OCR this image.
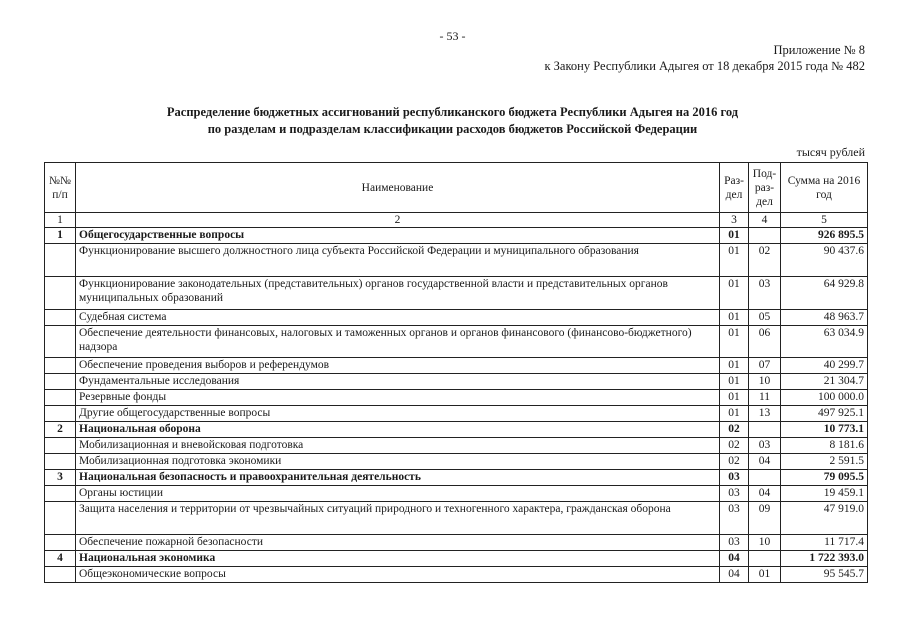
- 53 -
Приложение № 8
к Закону Республики Адыгея от 18 декабря 2015 года № 482
Распределение бюджетных ассигнований республиканского бюджета Республики Адыгея на 2016 год
по разделам и подразделам классификации расходов бюджетов Российской Федерации
тысяч рублей
№№ п/п	Наименование	Раз- дел	Под- раз- дел	Сумма на 2016 год
1	2	3	4	5
1	Общегосударственные вопросы	01		926 895.5
	Функционирование высшего должностного лица субъекта Российской Федерации и муниципального образования	01	02	90 437.6
	Функционирование законодательных (представительных) органов государственной власти и представительных органов муниципальных образований	01	03	64 929.8
	Судебная система	01	05	48 963.7
	Обеспечение деятельности финансовых, налоговых и таможенных органов и органов финансового (финансово-бюджетного) надзора	01	06	63 034.9
	Обеспечение проведения выборов и референдумов	01	07	40 299.7
	Фундаментальные исследования	01	10	21 304.7
	Резервные фонды	01	11	100 000.0
	Другие общегосударственные вопросы	01	13	497 925.1
2	Национальная оборона	02		10 773.1
	Мобилизационная и вневойсковая подготовка	02	03	8 181.6
	Мобилизационная подготовка экономики	02	04	2 591.5
3	Национальная безопасность и правоохранительная деятельность	03		79 095.5
	Органы юстиции	03	04	19 459.1
	Защита населения и территории от чрезвычайных ситуаций природного и техногенного характера, гражданская оборона	03	09	47 919.0
	Обеспечение пожарной безопасности	03	10	11 717.4
4	Национальная экономика	04		1 722 393.0
	Общеэкономические вопросы	04	01	95 545.7
